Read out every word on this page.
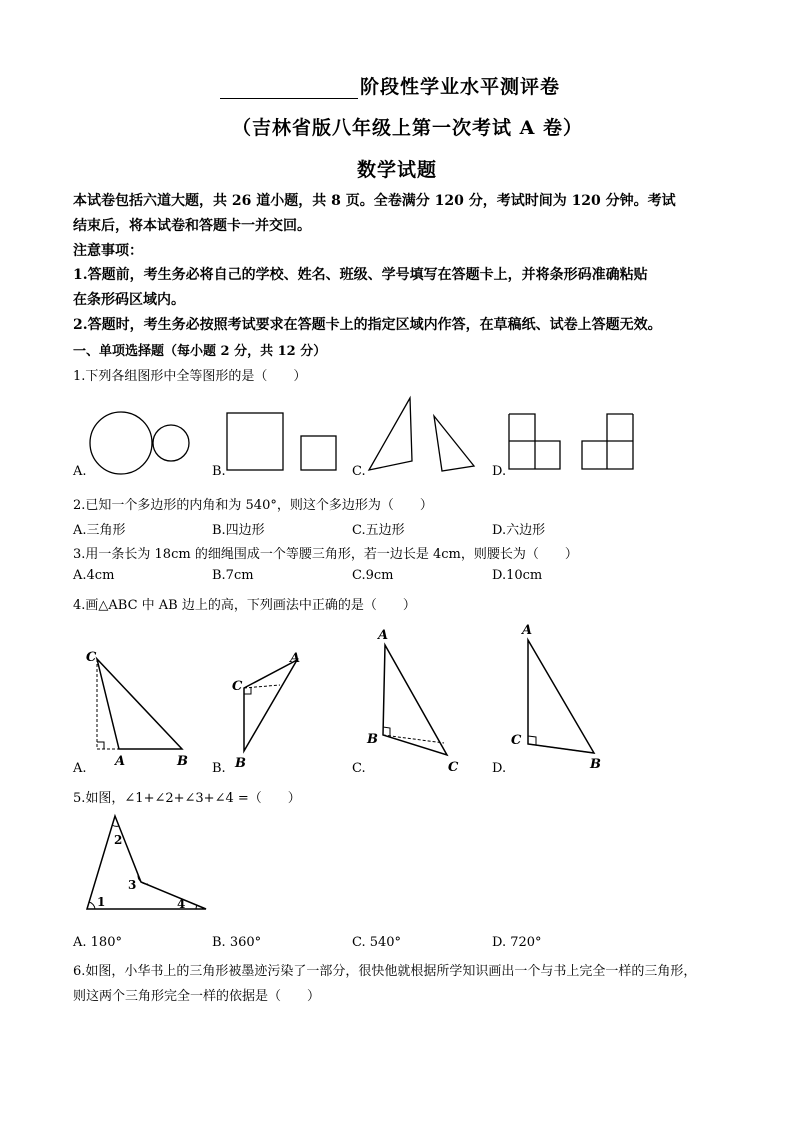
阶段性学业水平测评卷
（吉林省版八年级上第一次考试 A 卷）
数学试题
本试卷包括六道大题，共 26 道小题，共 8 页。全卷满分 120 分，考试时间为 120 分钟。考试
结束后，将本试卷和答题卡一并交回。
注意事项：
1.答题前，考生务必将自己的学校、姓名、班级、学号填写在答题卡上，并将条形码准确粘贴
在条形码区域内。
2.答题时，考生务必按照考试要求在答题卡上的指定区域内作答，在草稿纸、试卷上答题无效。
一、单项选择题（每小题 2 分，共 12 分）
1.下列各组图形中全等图形的是（　　）
A.	B.	C.	D.
2.已知一个多边形的内角和为 540°，则这个多边形为（　　）
A.三角形	B.四边形	C.五边形	D.六边形
3.用一条长为 18cm 的细绳围成一个等腰三角形，若一边长是 4cm，则腰长为（　　）
A.4cm	B.7cm	C.9cm	D.10cm
4.画△ABC 中 AB 边上的高，下列画法中正确的是（　　）
C
A	B
A
C
B
A
B
C
A
C
B
A.	B.	C.	D.
5.如图，∠1+∠2+∠3+∠4 =（　　）
1
2
3
4
A. 180°	B. 360°	C. 540°	D. 720°
6.如图，小华书上的三角形被墨迹污染了一部分，很快他就根据所学知识画出一个与书上完全一样的三角形，
则这两个三角形完全一样的依据是（　　）
